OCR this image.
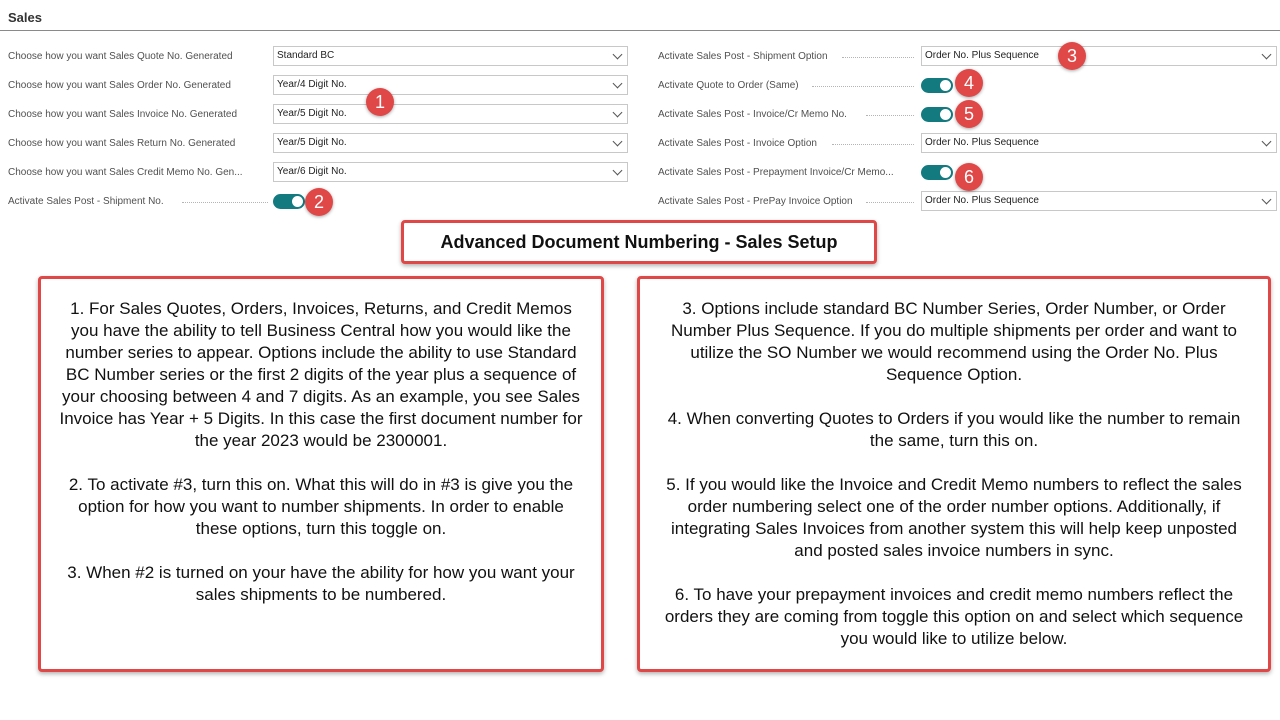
Sales
Choose how you want Sales Quote No. Generated	Standard BC
Choose how you want Sales Order No. Generated	Year/4 Digit No.
Choose how you want Sales Invoice No. Generated	Year/5 Digit No.
Choose how you want Sales Return No. Generated	Year/5 Digit No.
Choose how you want Sales Credit Memo No. Gen...	Year/6 Digit No.
Activate Sales Post - Shipment No.
Activate Sales Post - Shipment Option	Order No. Plus Sequence
Activate Quote to Order (Same)
Activate Sales Post - Invoice/Cr Memo No.
Activate Sales Post - Invoice Option	Order No. Plus Sequence
Activate Sales Post - Prepayment Invoice/Cr Memo...
Activate Sales Post - PrePay Invoice Option	Order No. Plus Sequence
1
2
3
4
5
6
Advanced Document Numbering - Sales Setup

1. For Sales Quotes, Orders, Invoices, Returns, and Credit Memos you have the ability to tell Business Central how you would like the number series to appear. Options include the ability to use Standard BC Number series or the first 2 digits of the year plus a sequence of your choosing between 4 and 7 digits. As an example, you see Sales Invoice has Year + 5 Digits. In this case the first document number for the year 2023 would be 2300001.

2. To activate #3, turn this on. What this will do in #3 is give you the option for how you want to number shipments. In order to enable these options, turn this toggle on.

3. When #2 is turned on your have the ability for how you want your sales shipments to be numbered.

3. Options include standard BC Number Series, Order Number, or Order Number Plus Sequence. If you do multiple shipments per order and want to utilize the SO Number we would recommend using the Order No. Plus Sequence Option.

4. When converting Quotes to Orders if you would like the number to remain the same, turn this on.

5. If you would like the Invoice and Credit Memo numbers to reflect the sales order numbering select one of the order number options. Additionally, if integrating Sales Invoices from another system this will help keep unposted and posted sales invoice numbers in sync.

6. To have your prepayment invoices and credit memo numbers reflect the orders they are coming from toggle this option on and select which sequence you would like to utilize below.
